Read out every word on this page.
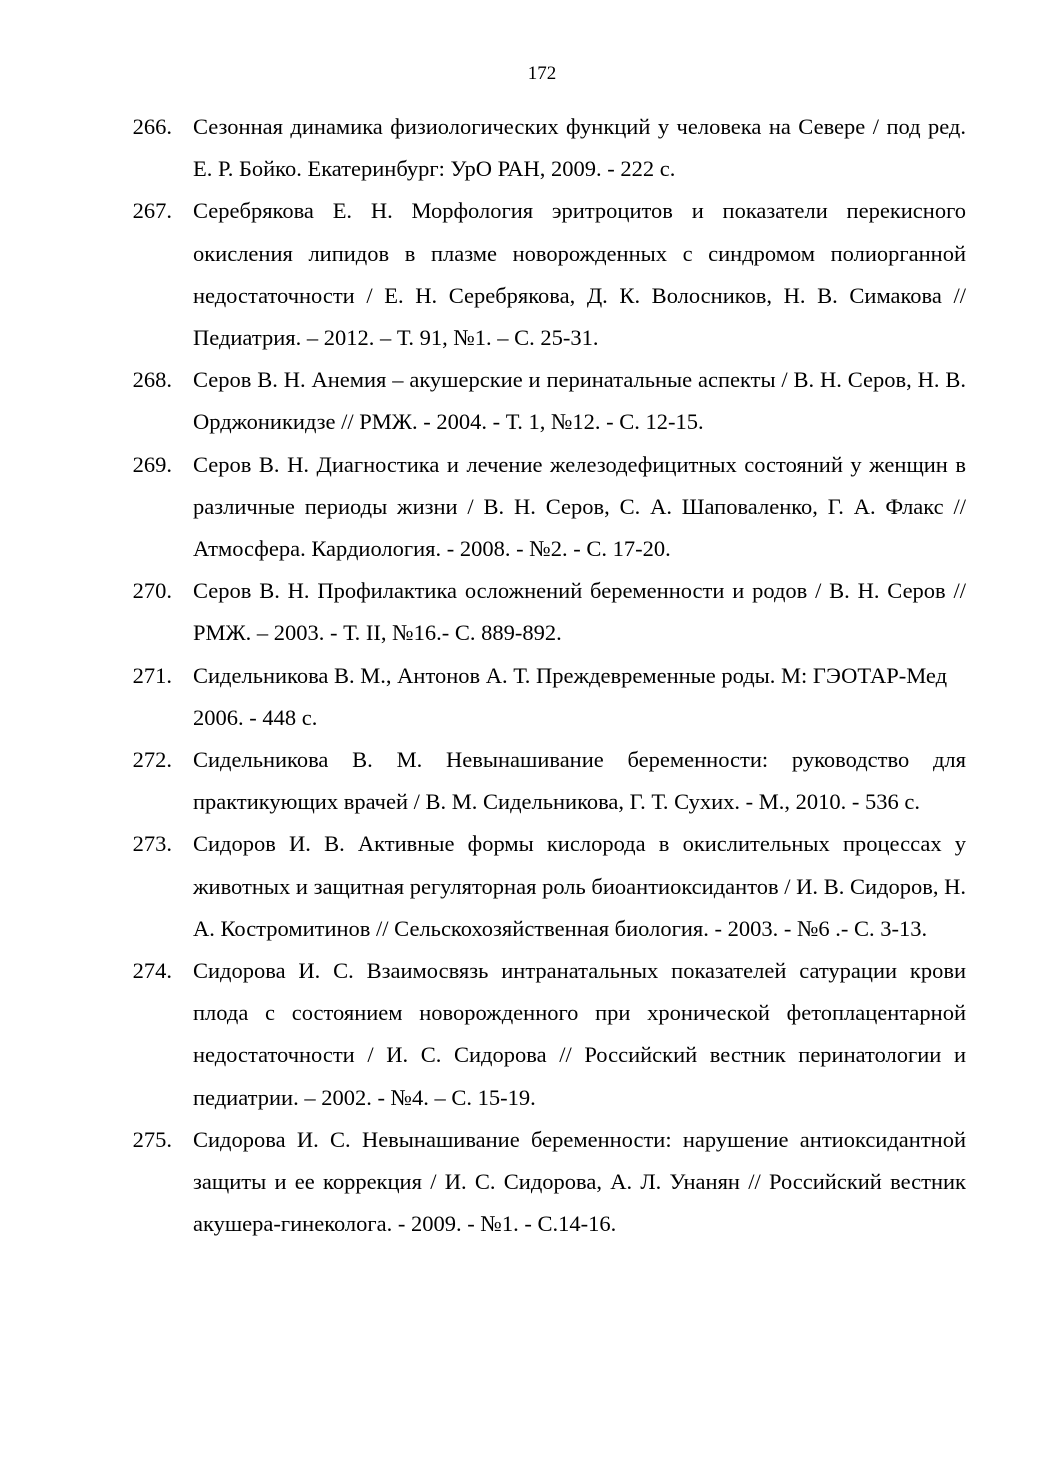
172
266. Сезонная динамика физиологических функций у человека на Севере / под ред. Е. Р. Бойко. Екатеринбург: УрО РАН, 2009. - 222 с.
267. Серебрякова Е. Н. Морфология эритроцитов и показатели перекисного окисления липидов в плазме новорожденных с синдромом полиорганной недостаточности / Е. Н. Серебрякова, Д. К. Волосников, Н. В. Симакова // Педиатрия. – 2012. – Т. 91, №1. – С. 25-31.
268. Серов В. Н. Анемия – акушерские и перинатальные аспекты / В. Н. Серов, Н. В. Орджоникидзе // РМЖ. - 2004. - Т. 1, №12. - С. 12-15.
269. Серов В. Н. Диагностика и лечение железодефицитных состояний у женщин в различные периоды жизни / В. Н. Серов, С. А. Шаповаленко, Г. А. Флакс // Атмосфера. Кардиология. - 2008. - №2. - С. 17-20.
270. Серов В. Н. Профилактика осложнений беременности и родов / В. Н. Серов // РМЖ. – 2003. - Т. II, №16.- С. 889-892.
271. Сидельникова В. М., Антонов А. Т. Преждевременные роды. М: ГЭОТАР-Мед 2006. - 448 с.
272. Сидельникова В. М. Невынашивание беременности: руководство для практикующих врачей / В. М. Сидельникова, Г. Т. Сухих. - М., 2010. - 536 с.
273. Сидоров И. В. Активные формы кислорода в окислительных процессах у животных и защитная регуляторная роль биоантиоксидантов / И. В. Сидоров, Н. А. Костромитинов // Сельскохозяйственная биология. - 2003. - №6 .- С. 3-13.
274. Сидорова И. С. Взаимосвязь интранатальных показателей сатурации крови плода с состоянием новорожденного при хронической фетоплацентарной недостаточности / И. С. Сидорова // Российский вестник перинатологии и педиатрии. – 2002. - №4. – С. 15-19.
275. Сидорова И. С. Невынашивание беременности: нарушение антиоксидантной защиты и ее коррекция / И. С. Сидорова, А. Л. Унанян // Российский вестник акушера-гинеколога. - 2009. - №1. - С.14-16.
